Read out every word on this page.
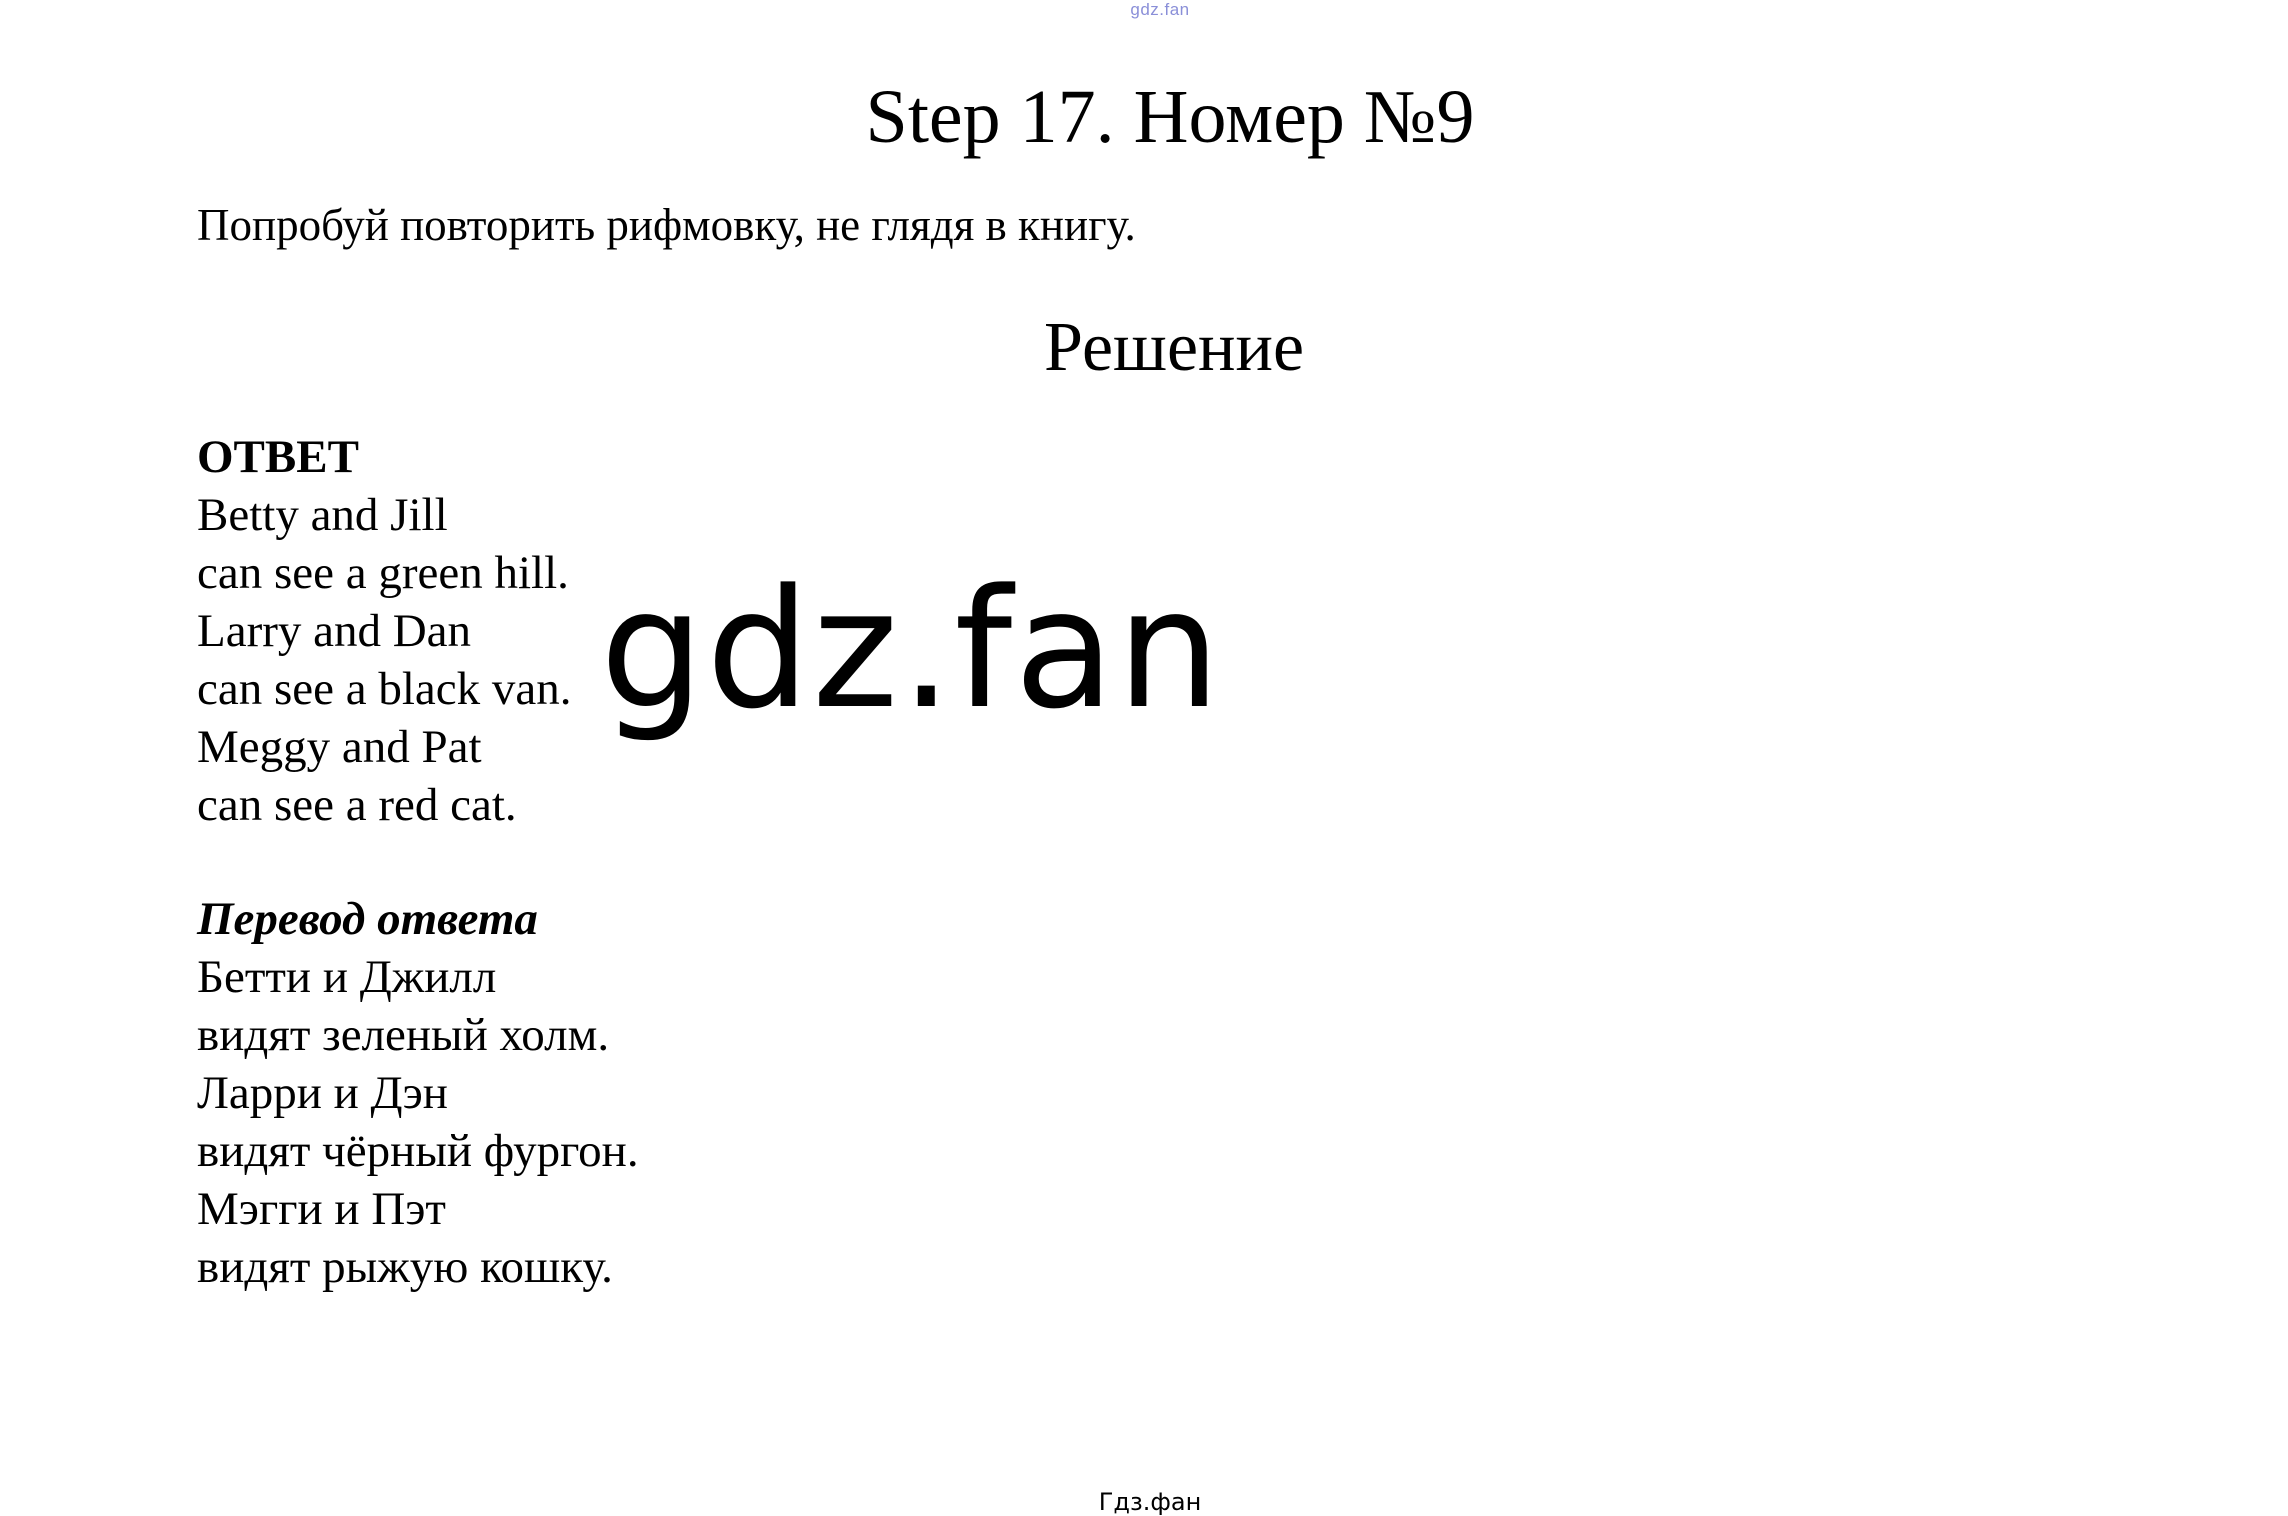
gdz.fan
Step 17. Номер №9

Попробуй повторить рифмовку, не глядя в книгу.

Решение
ОТВЕТ
Betty and Jill
can see a green hill.
Larry and Dan
can see a black van.
Meggy and Pat
can see a red cat.
Перевод ответа
Бетти и Джилл
видят зеленый холм.
Ларри и Дэн
видят чёрный фургон.
Мэгги и Пэт
видят рыжую кошку.
gdz.fan
Гдз.фан
